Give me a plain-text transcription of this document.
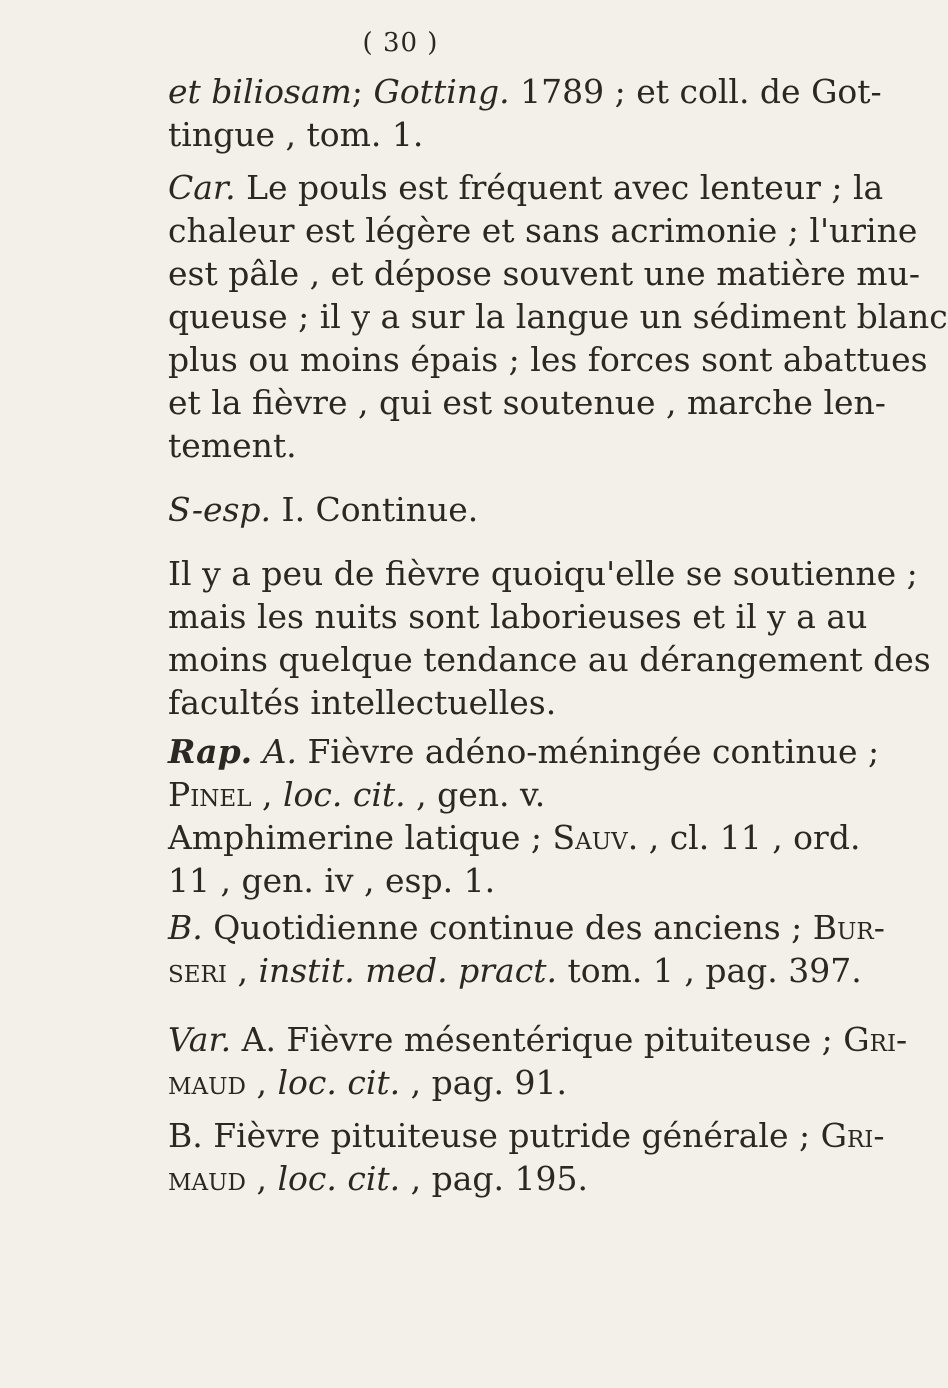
( 30 )

et biliosam; Gotting. 1789 ; et coll. de Got-
tingue , tom. 1.

Car. Le pouls est fréquent avec lenteur ; la
chaleur est légère et sans acrimonie ; l'urine
est pâle , et dépose souvent une matière mu-
queuse ; il y a sur la langue un sédiment blanc
plus ou moins épais ; les forces sont abattues
et la fièvre , qui est soutenue , marche len-
tement.

S-esp. I. Continue.

Il y a peu de fièvre quoiqu'elle se soutienne ;
mais les nuits sont laborieuses et il y a au
moins quelque tendance au dérangement des
facultés intellectuelles.

Rap. A. Fièvre adéno-méningée continue ;
Pinel , loc. cit. , gen. v.
Amphimerine latique ; Sauv. , cl. 11 , ord.
11 , gen. iv , esp. 1.

B. Quotidienne continue des anciens ; Bur-
seri , instit. med. pract. tom. 1 , pag. 397.

Var. A. Fièvre mésentérique pituiteuse ; Gri-
maud , loc. cit. , pag. 91.

B. Fièvre pituiteuse putride générale ; Gri-
maud , loc. cit. , pag. 195.
